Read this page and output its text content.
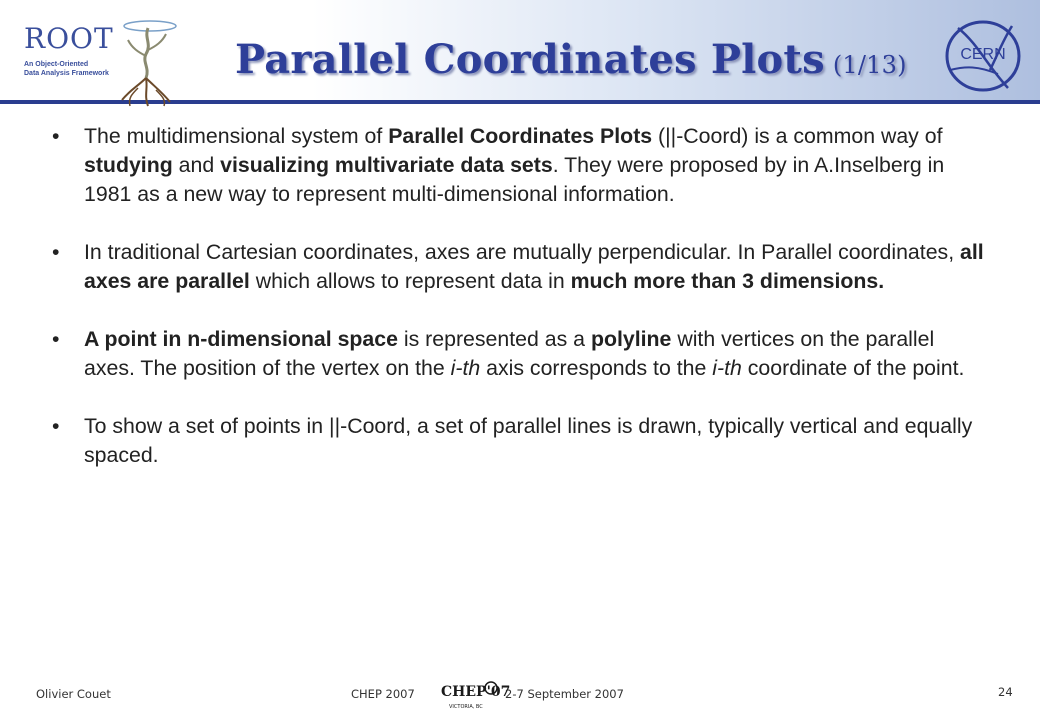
ROOT
An Object-Oriented
Data Analysis Framework	Parallel Coordinates Plots (1/13)	CERN
•	The multidimensional system of Parallel Coordinates Plots (||-Coord) is a common way of studying and visualizing multivariate data sets. They were proposed by in A.Inselberg in 1981 as a new way to represent multi-dimensional information.
•	In traditional Cartesian coordinates, axes are mutually perpendicular. In Parallel coordinates, all axes are parallel which allows to represent data in much more than 3 dimensions.
•	A point in n-dimensional space is represented as a polyline with vertices on the parallel axes. The position of the vertex on the i-th axis corresponds to the i-th coordinate of the point.
•	To show a set of points in ||-Coord, a set of parallel lines is drawn, typically vertical and equally spaced.
Olivier Couet	CHEP 2007 CHEP'07
VICTORIA, BC
2-7 September 2007	24
